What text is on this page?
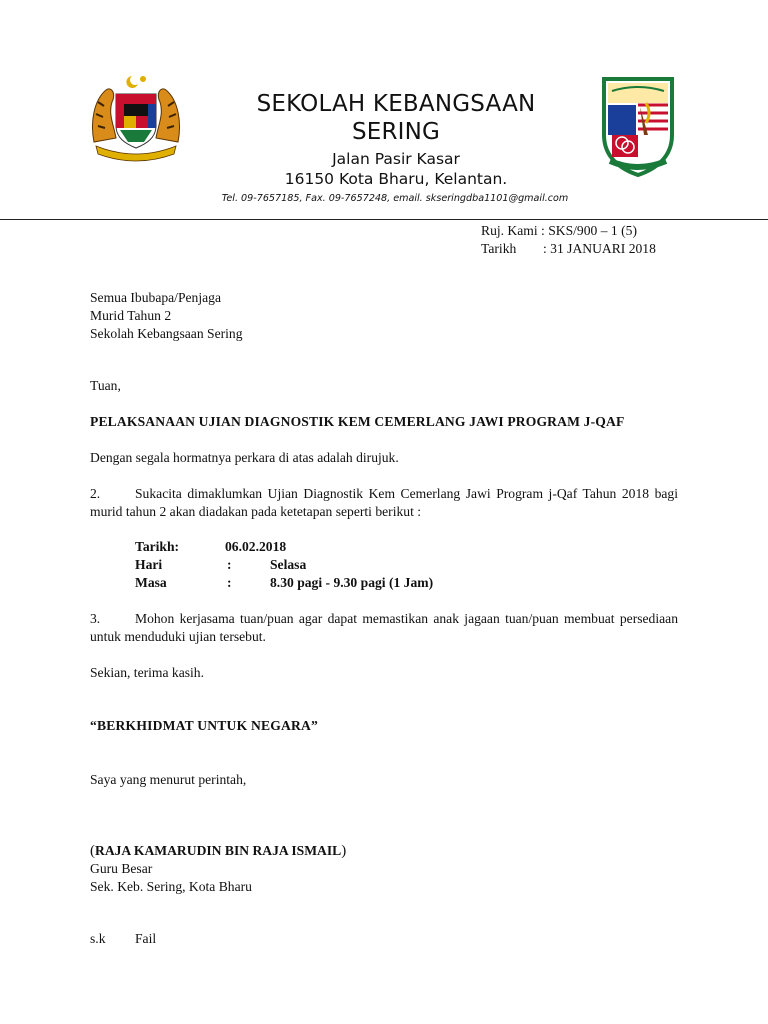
SEKOLAH KEBANGSAAN
SERING
Jalan Pasir Kasar
16150 Kota Bharu, Kelantan.
Tel. 09-7657185, Fax. 09-7657248, email. skseringdba1101@gmail.com
Ruj. Kami : SKS/900 – 1 (5)
Tarikh : 31 JANUARI 2018
Semua Ibubapa/Penjaga
Murid Tahun 2
Sekolah Kebangsaan Sering
Tuan,
PELAKSANAAN UJIAN DIAGNOSTIK KEM CEMERLANG JAWI PROGRAM J-QAF
Dengan segala hormatnya perkara di atas adalah dirujuk.
2.	Sukacita dimaklumkan Ujian Diagnostik Kem Cemerlang Jawi Program j-Qaf Tahun 2018 bagi murid tahun 2 akan diadakan pada ketetapan seperti berikut :
Tarikh:	06.02.2018
Hari	:	Selasa
Masa	:	8.30 pagi - 9.30 pagi (1 Jam)
3.	Mohon kerjasama tuan/puan agar dapat memastikan anak jagaan tuan/puan membuat persediaan untuk menduduki ujian tersebut.
Sekian, terima kasih.
“BERKHIDMAT UNTUK NEGARA”
Saya yang menurut perintah,
(RAJA KAMARUDIN BIN RAJA ISMAIL)
Guru Besar
Sek. Keb. Sering, Kota Bharu
s.k Fail
